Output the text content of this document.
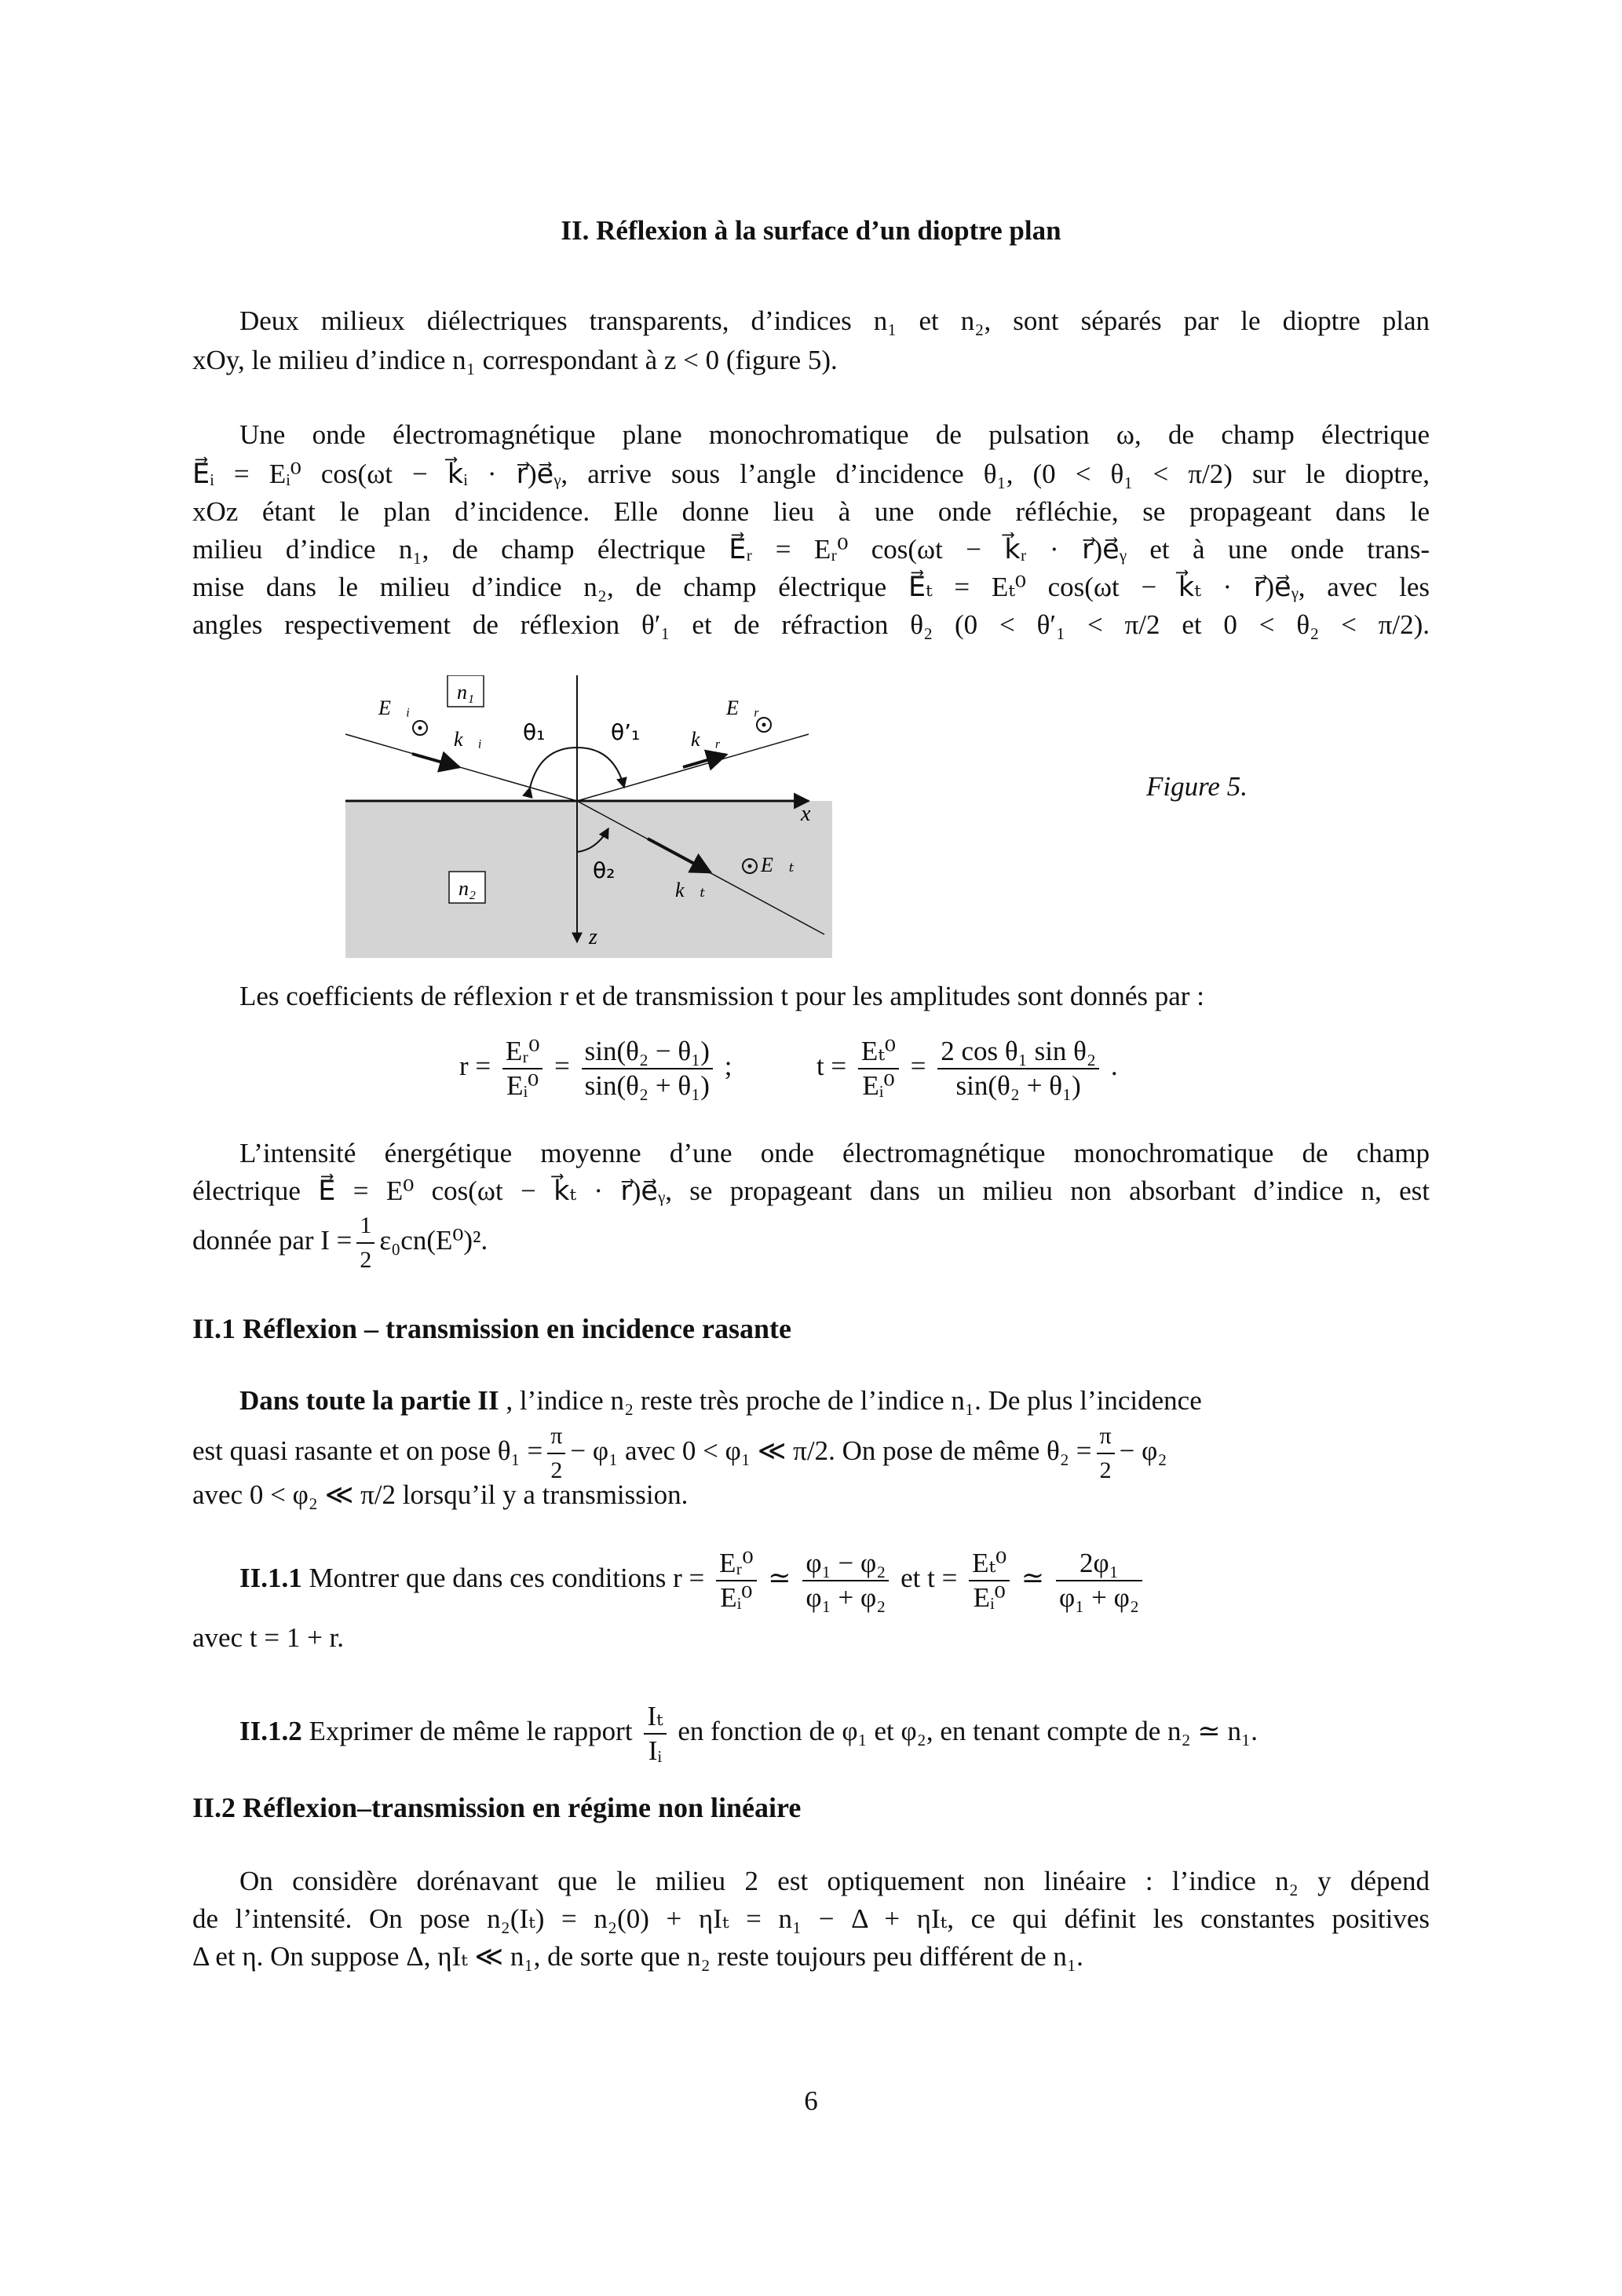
II. Réflexion à la surface d’un dioptre plan
Deux milieux diélectriques transparents, d’indices n₁ et n₂, sont séparés par le dioptre plan
xOy, le milieu d’indice n₁ correspondant à z < 0 (figure 5).
Une onde électromagnétique plane monochromatique de pulsation ω, de champ électrique
E⃗ᵢ = Eᵢ⁰ cos(ωt − k⃗ᵢ · r⃗)e⃗ᵧ, arrive sous l’angle d’incidence θ₁, (0 < θ₁ < π/2) sur le dioptre,
xOz étant le plan d’incidence. Elle donne lieu à une onde réfléchie, se propageant dans le
milieu d’indice n₁, de champ électrique E⃗ᵣ = Eᵣ⁰ cos(ωt − k⃗ᵣ · r⃗)e⃗ᵧ et à une onde trans-
mise dans le milieu d’indice n₂, de champ électrique E⃗ₜ = Eₜ⁰ cos(ωt − k⃗ₜ · r⃗)e⃗ᵧ, avec les
angles respectivement de réflexion θ′₁ et de réfraction θ₂ (0 < θ′₁ < π/2 et 0 < θ₂ < π/2).
n₁
n₂
E⃗ᵢ
k⃗ᵢ θ₁	θ’₁ k⃗ᵣ
E⃗ᵣ
x
z
θ₂
k⃗ₜ
E⃗ₜ
Figure 5.
Les coefficients de réflexion r et de transmission t pour les amplitudes sont donnés par :
$r = \frac{\text{Eᵣ⁰}}{\text{Eᵢ⁰}} = \frac{\text{sin(θ₂ − θ₁)}}{\text{sin(θ₂ + θ₁)}}$ ;	$t = \frac{\text{Eₜ⁰}}{\text{Eᵢ⁰}} = \frac{\text{2 cos θ₁ sin θ₂}}{\text{sin(θ₂ + θ₁)}}$ .
L’intensité énergétique moyenne d’une onde électromagnétique monochromatique de champ
électrique E⃗ = E⁰ cos(ωt − k⃗ₜ · r⃗)e⃗ᵧ, se propageant dans un milieu non absorbant d’indice n, est
donnée par $I = \frac{1}{2} \varepsilon_0cn(E^0)^2$.
II.1 Réflexion – transmission en incidence rasante
Dans toute la partie II , l’indice n₂ reste très proche de l’indice n₁. De plus l’incidence
est quasi rasante et on pose $\theta_1 = \frac{\pi}{2} - \varphi_1$ avec 0 < φ₁ ≪ π/2. On pose de même $\theta_2 = \frac{\pi}{2} - \varphi_2$
avec 0 < φ₂ ≪ π/2 lorsqu’il y a transmission.
II.1.1 Montrer que dans ces conditions $r = \frac{\text{Eᵣ⁰}}{\text{Eᵢ⁰}}$ ≃ $\frac{\text{φ₁ − φ₂}}{\text{φ₁ + φ₂}}$ et $t = \frac{\text{Eₜ⁰}}{\text{Eᵢ⁰}}$ ≃ $\frac{\text{2φ₁}}{\text{φ₁ + φ₂}}$
avec t = 1 + r.
II.1.2 Exprimer de même le rapport $\frac{\text{Iₜ}}{\text{Iᵢ}}$ en fonction de φ₁ et φ₂, en tenant compte de n₂ ≃ n₁.
II.2 Réflexion–transmission en régime non linéaire
On considère dorénavant que le milieu 2 est optiquement non linéaire : l’indice n₂ y dépend
de l’intensité. On pose n₂(Iₜ) = n₂(0) + ηIₜ = n₁ − Δ + ηIₜ, ce qui définit les constantes positives
Δ et η. On suppose Δ, ηIₜ ≪ n₁, de sorte que n₂ reste toujours peu différent de n₁.
6
